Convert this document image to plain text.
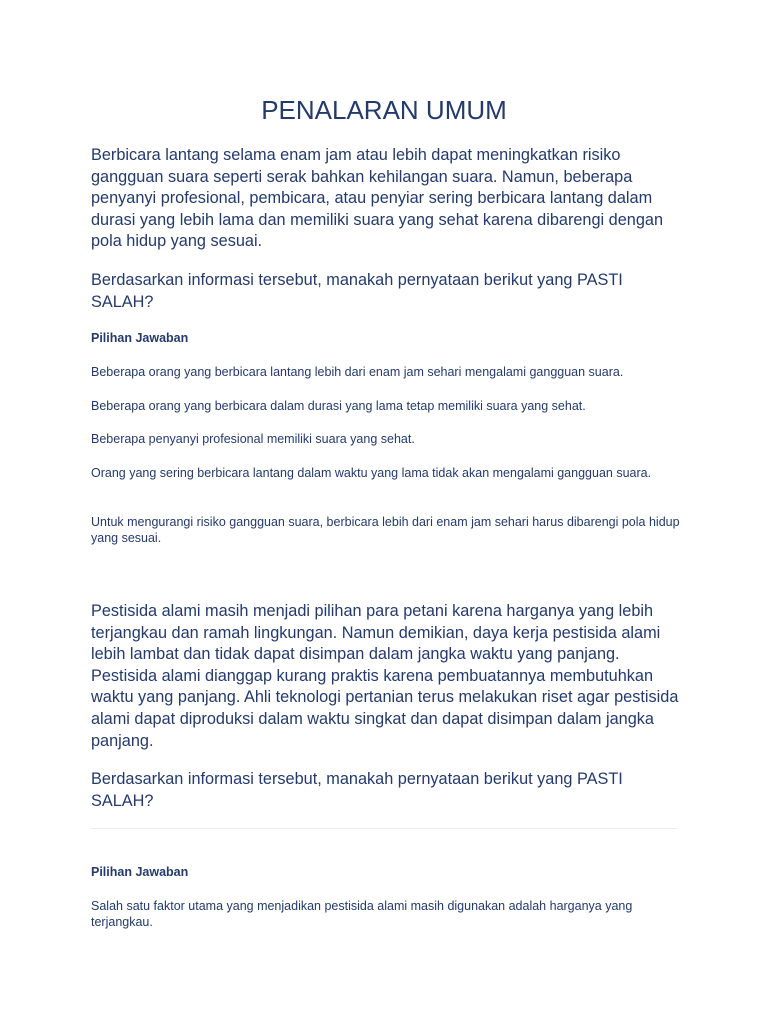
PENALARAN UMUM

Berbicara lantang selama enam jam atau lebih dapat meningkatkan risiko gangguan suara seperti serak bahkan kehilangan suara. Namun, beberapa penyanyi profesional, pembicara, atau penyiar sering berbicara lantang dalam durasi yang lebih lama dan memiliki suara yang sehat karena dibarengi dengan pola hidup yang sesuai.

Berdasarkan informasi tersebut, manakah pernyataan berikut yang PASTI SALAH?

Pilihan Jawaban

Beberapa orang yang berbicara lantang lebih dari enam jam sehari mengalami gangguan suara.

Beberapa orang yang berbicara dalam durasi yang lama tetap memiliki suara yang sehat.

Beberapa penyanyi profesional memiliki suara yang sehat.

Orang yang sering berbicara lantang dalam waktu yang lama tidak akan mengalami gangguan suara.

Untuk mengurangi risiko gangguan suara, berbicara lebih dari enam jam sehari harus dibarengi pola hidup yang sesuai.

Pestisida alami masih menjadi pilihan para petani karena harganya yang lebih terjangkau dan ramah lingkungan. Namun demikian, daya kerja pestisida alami lebih lambat dan tidak dapat disimpan dalam jangka waktu yang panjang. Pestisida alami dianggap kurang praktis karena pembuatannya membutuhkan waktu yang panjang. Ahli teknologi pertanian terus melakukan riset agar pestisida alami dapat diproduksi dalam waktu singkat dan dapat disimpan dalam jangka panjang.

Berdasarkan informasi tersebut, manakah pernyataan berikut yang PASTI SALAH?

Pilihan Jawaban

Salah satu faktor utama yang menjadikan pestisida alami masih digunakan adalah harganya yang terjangkau.
